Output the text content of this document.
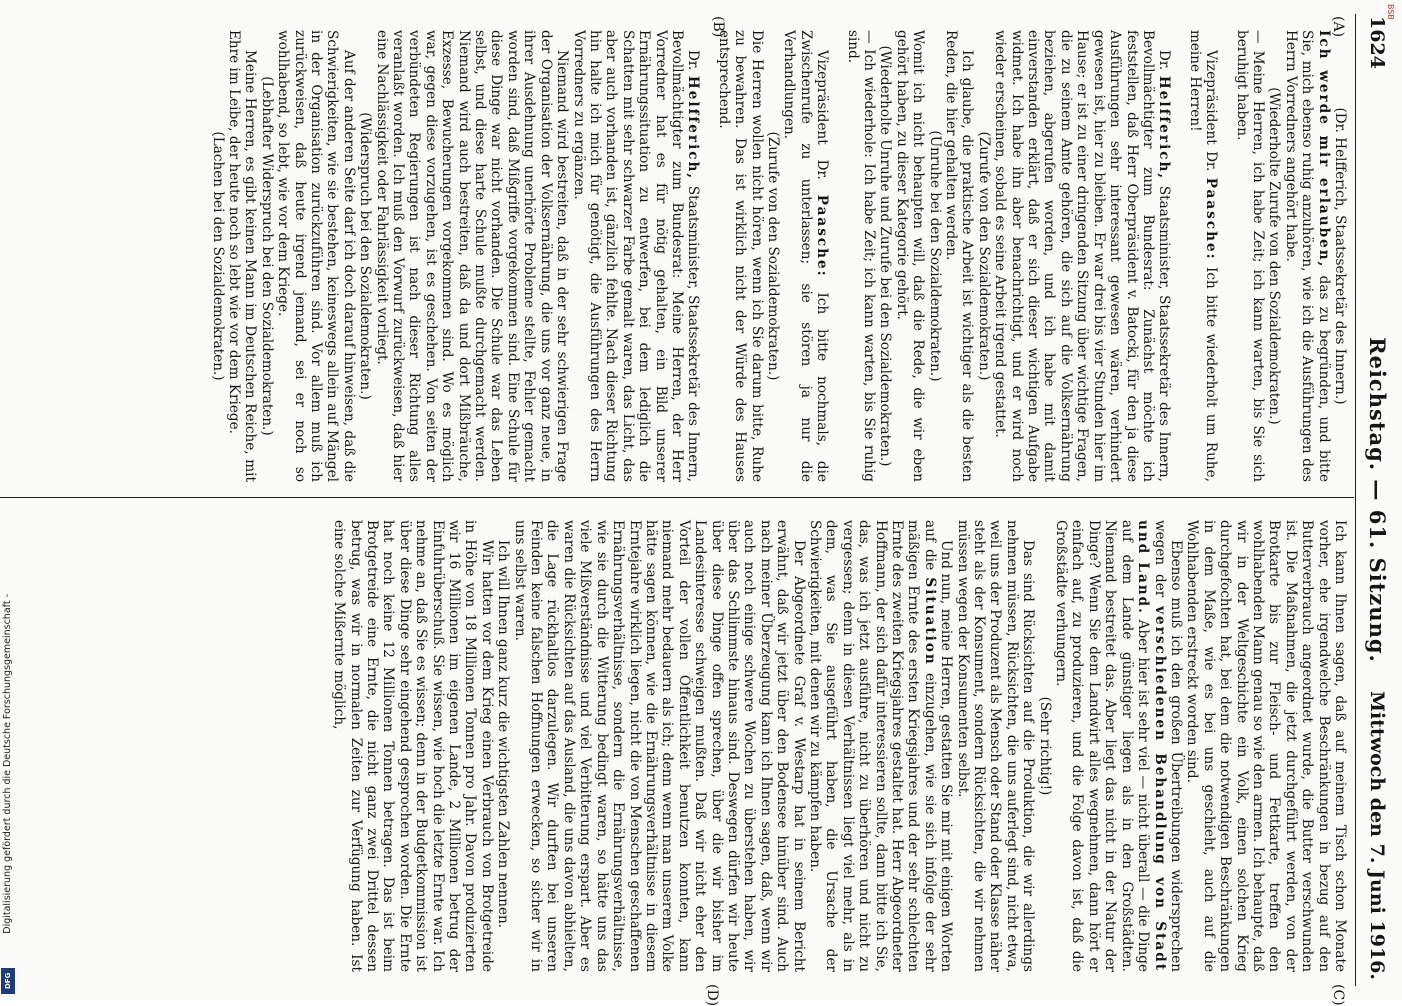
1624
Reichstag. — 61. Sitzung.
Mittwoch den 7. Juni 1916.
(A)
(B)
(C)
(D)

(Dr. Helfferich, Staatssekretär des Innern.)

Ich werde mir erlauben, das zu begründen, und bitte Sie, mich ebenso ruhig anzuhören, wie ich die Ausführungen des Herrn Vorredners angehört habe.

(Wiederholte Zurufe von den Sozialdemokraten.)

— Meine Herren, ich habe Zeit; ich kann warten, bis Sie sich beruhigt haben.

Vizepräsident Dr. Paasche: Ich bitte wiederholt um Ruhe, meine Herren!

Dr. Helfferich, Staatsminister, Staatssekretär des Innern, Bevollmächtigter zum Bundesrat: Zunächst möchte ich feststellen, daß Herr Oberpräsident v. Batocki, für den ja diese Ausführungen sehr interessant gewesen wären, verhindert gewesen ist, hier zu bleiben. Er war drei bis vier Stunden hier im Hause; er ist zu einer dringenden Sitzung über wichtige Fragen, die zu seinem Amte gehören, die sich auf die Volksernährung beziehen, abgerufen worden, und ich habe mit damit einverstanden erklärt, daß er sich dieser wichtigen Aufgabe widmet. Ich habe ihn aber benachrichtigt, und er wird noch wieder erscheinen, sobald es seine Arbeit irgend gestattet.

(Zurufe von den Sozialdemokraten.)

Ich glaube, die praktische Arbeit ist wichtiger als die besten Reden, die hier gehalten werden.

(Unruhe bei den Sozialdemokraten.)

Womit ich nicht behaupten will, daß die Rede, die wir eben gehört haben, zu dieser Kategorie gehört.

(Wiederholte Unruhe und Zurufe bei den Sozialdemokraten.)

— Ich wiederhole: Ich habe Zeit; ich kann warten, bis Sie ruhig sind.

Vizepräsident Dr. Paasche: Ich bitte nochmals, die Zwischenrufe zu unterlassen; sie stören ja nur die Verhandlungen.

(Zurufe von den Sozialdemokraten.)

Die Herren wollen nicht hören, wenn ich Sie darum bitte, Ruhe zu bewahren. Das ist wirklich nicht der Würde des Hauses entsprechend.

Dr. Helfferich, Staatsminister, Staatssekretär des Innern, Bevollmächtigter zum Bundesrat: Meine Herren, der Herr Vorredner hat es für nötig gehalten, ein Bild unserer Ernährungssituation zu entwerfen, bei dem lediglich die Schatten mit sehr schwarzer Farbe gemalt waren, das Licht, das aber auch vorhanden ist, gänzlich fehlte. Nach dieser Richtung hin halte ich mich für genötigt, die Ausführungen des Herrn Vorredners zu ergänzen.

Niemand wird bestreiten, daß in der sehr schwierigen Frage der Organisation der Volksernährung, die uns vor ganz neue, in ihrer Ausdehnung unerhörte Probleme stellte, Fehler gemacht worden sind, daß Mißgriffe vorgekommen sind. Eine Schule für diese Dinge war nicht vorhanden. Die Schule war das Leben selbst, und diese harte Schule mußte durchgemacht werden. Niemand wird auch bestreiten, daß da und dort Mißbräuche, Exzesse, Bewucherungen vorgekommen sind. Wo es möglich war, gegen diese vorzugehen, ist es geschehen. Von seiten der verbündeten Regierungen ist nach dieser Richtung alles veranlaßt worden. Ich muß den Vorwurf zurückweisen, daß hier eine Nachlässigkeit oder Fahrlässigkeit vorliegt.

(Widerspruch bei den Sozialdemokraten.)

Auf der anderen Seite darf ich doch darauf hinweisen, daß die Schwierigkeiten, wie sie bestehen, keineswegs allein auf Mängel in der Organisation zurückzuführen sind. Vor allem muß ich zurückweisen, daß heute irgend jemand, sei er noch so wohlhabend, so lebt, wie vor dem Kriege.

(Lebhafter Widerspruch bei den Sozialdemokraten.)

Meine Herren, es gibt keinen Mann im Deutschen Reiche, mit Ehre im Leibe, der heute noch so lebt wie vor dem Kriege.

(Lachen bei den Sozialdemokraten.)

Ich kann Ihnen sagen, daß auf meinem Tisch schon Monate vorher, ehe irgendwelche Beschränkungen in bezug auf den Butterverbrauch angeordnet wurde, die Butter verschwunden ist. Die Maßnahmen, die jetzt durchgeführt werden, von der Brotkarte bis zur Fleisch- und Fettkarte, treffen den wohlhabenden Mann genau so wie den armen. Ich behaupte, daß wir in der Weltgeschichte ein Volk, einen solchen Krieg durchgefochten hat, bei dem die notwendigen Beschränkungen in dem Maße, wie es bei uns geschieht, auch auf die Wohlhabenden erstreckt worden sind.

Ebenso muß ich den großen Übertreibungen widersprechen wegen der verschiedenen Behandlung von Stadt und Land. Aber hier ist sehr viel — nicht überall — die Dinge auf dem Lande günstiger liegen als in den Großstädten. Niemand bestreitet das. Aber liegt das nicht in der Natur der Dinge? Wenn Sie dem Landwirt alles wegnehmen, dann hört er einfach auf, zu produzieren, und die Folge davon ist, daß die Großstädte verhungern.

(Sehr richtig!)

Das sind Rücksichten auf die Produktion, die wir allerdings nehmen müssen, Rücksichten, die uns auferlegt sind, nicht etwa, weil uns der Produzent als Mensch oder Stand oder Klasse näher steht als der Konsument, sondern Rücksichten, die wir nehmen müssen wegen der Konsumenten selbst.

Und nun, meine Herren, gestatten Sie mir mit einigen Worten auf die Situation einzugehen, wie sie sich infolge der sehr mäßigen Ernte des ersten Kriegsjahres und der sehr schlechten Ernte des zweiten Kriegsjahres gestaltet hat. Herr Abgeordneter Hoffmann, der sich dafür interessieren sollte, dann bitte ich Sie, das, was ich jetzt ausführe, nicht zu überhören und nicht zu vergessen; denn in diesen Verhältnissen liegt viel mehr, als in dem, was Sie ausgeführt haben, die Ursache der Schwierigkeiten, mit denen wir zu kämpfen haben.

Der Abgeordnete Graf v. Westarp hat in seinem Bericht erwähnt, daß wir jetzt über den Bodensee hinüber sind. Auch nach meiner Überzeugung kann ich Ihnen sagen, daß, wenn wir auch noch einige schwere Wochen zu überstehen haben, wir über das Schlimmste hinaus sind. Deswegen dürfen wir heute über diese Dinge offen sprechen, über die wir bisher im Landesinteresse schweigen mußten. Daß wir nicht eher den Vorteil der vollen Öffentlichkeit benutzen konnten, kann niemand mehr bedauern als ich; denn wenn man unserem Volke hätte sagen können, wie die Ernährungsverhältnisse in diesem Erntejahre wirklich liegen, nicht die von Menschen geschaffenen Ernährungsverhältnisse, sondern die Ernährungsverhältnisse, wie sie durch die Witterung bedingt waren, so hätte uns das viele Mißverständnisse und viel Verbitterung erspart. Aber es waren die Rücksichten auf das Ausland, die uns davon abhielten, die Lage rückhaltlos darzulegen. Wir durften bei unseren Feinden keine falschen Hoffnungen erwecken, so sicher wir in uns selbst waren.

Ich will Ihnen ganz kurz die wichtigsten Zahlen nennen.

Wir hatten vor dem Krieg einen Verbrauch von Brotgetreide in Höhe von 18 Millionen Tonnen pro Jahr. Davon produzierten wir 16 Millionen im eigenen Lande, 2 Millionen betrug der Einfuhrüberschuß. Sie wissen, wie hoch die letzte Ernte war. Ich nehme an, daß Sie es wissen; denn in der Budgetkommission ist über diese Dinge sehr eingehend gesprochen worden. Die Ernte hat noch keine 12 Millionen Tonnen betragen. Das ist beim Brotgetreide eine Ernte, die nicht ganz zwei Drittel dessen betrug, was wir in normalen Zeiten zur Verfügung haben. Ist eine solche Mißernte möglich,

BSB
Digitalisierung gefördert durch die Deutsche Forschungsgemeinschaft -
DFG
